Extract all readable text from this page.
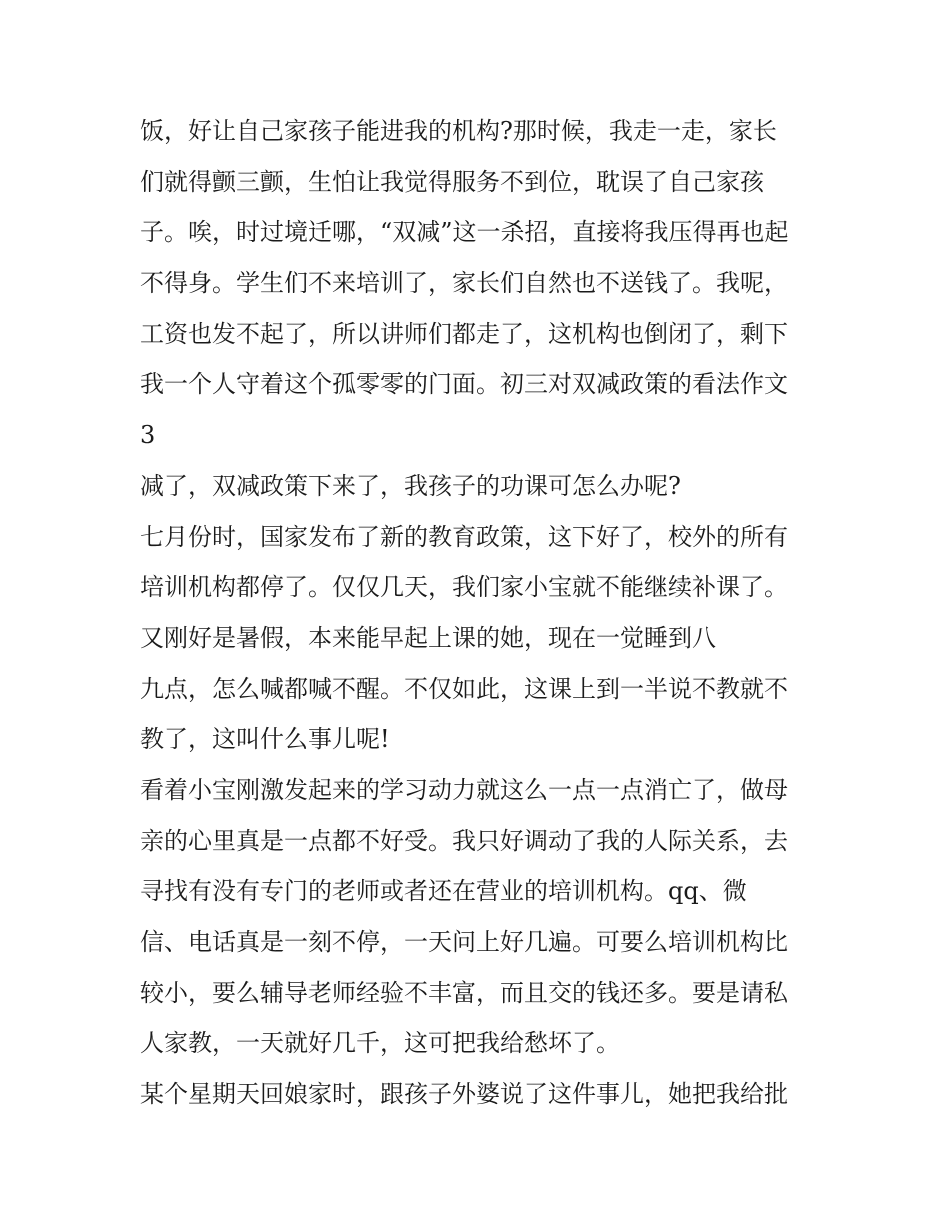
饭，好让自己家孩子能进我的机构?那时候，我走一走，家长
们就得颤三颤，生怕让我觉得服务不到位，耽误了自己家孩
子。唉，时过境迁哪，“双减”这一杀招，直接将我压得再也起
不得身。学生们不来培训了，家长们自然也不送钱了。我呢，
工资也发不起了，所以讲师们都走了，这机构也倒闭了，剩下
我一个人守着这个孤零零的门面。初三对双减政策的看法作文
3
减了，双减政策下来了，我孩子的功课可怎么办呢?
七月份时，国家发布了新的教育政策，这下好了，校外的所有
培训机构都停了。仅仅几天，我们家小宝就不能继续补课了。
又刚好是暑假，本来能早起上课的她，现在一觉睡到八
九点，怎么喊都喊不醒。不仅如此，这课上到一半说不教就不
教了，这叫什么事儿呢!
看着小宝刚激发起来的学习动力就这么一点一点消亡了，做母
亲的心里真是一点都不好受。我只好调动了我的人际关系，去
寻找有没有专门的老师或者还在营业的培训机构。qq、微
信、电话真是一刻不停，一天问上好几遍。可要么培训机构比
较小，要么辅导老师经验不丰富，而且交的钱还多。要是请私
人家教，一天就好几千，这可把我给愁坏了。
某个星期天回娘家时，跟孩子外婆说了这件事儿，她把我给批
